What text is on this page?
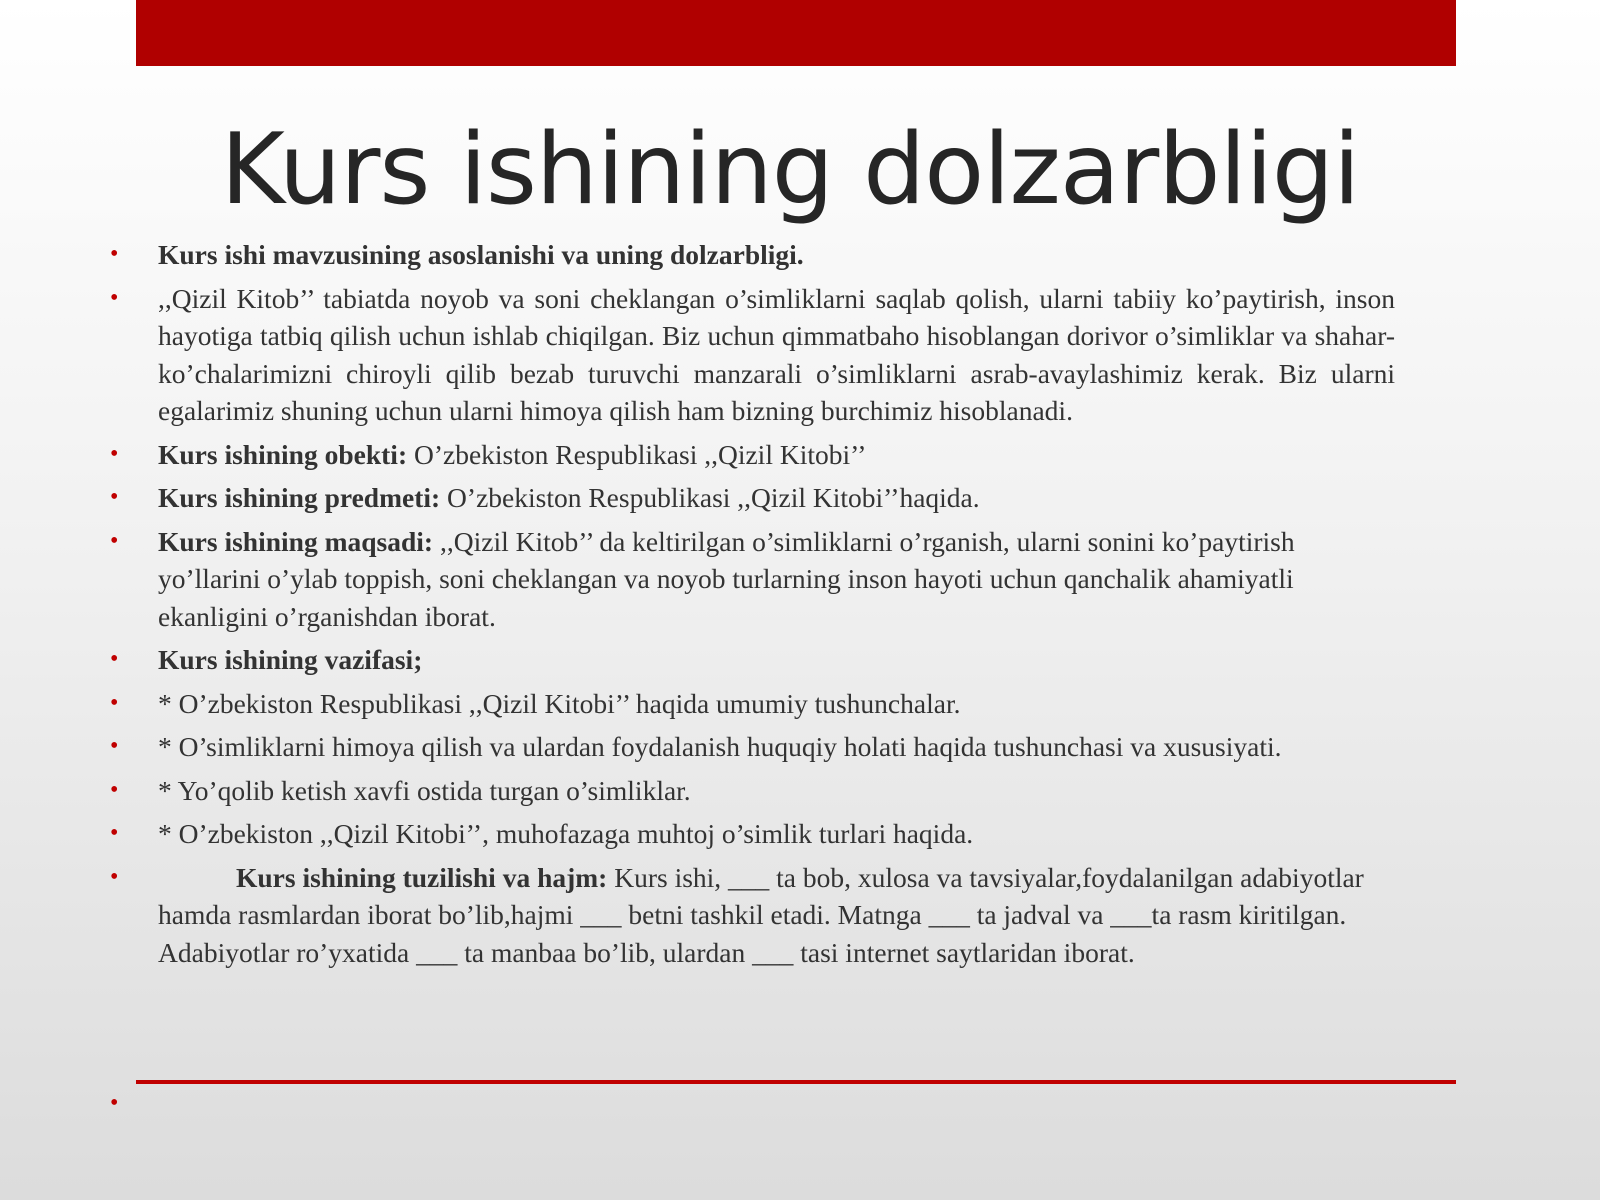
Kurs ishining dolzarbligi
• Kurs ishi mavzusining asoslanishi va uning dolzarbligi.
• ,,Qizil Kitob’’ tabiatda noyob va soni cheklangan o’simliklarni saqlab qolish, ularni tabiiy ko’paytirish, inson hayotiga tatbiq qilish uchun ishlab chiqilgan. Biz uchun qimmatbaho hisoblangan dorivor o’simliklar va shahar-ko’chalarimizni chiroyli qilib bezab turuvchi manzarali o’simliklarni asrab-avaylashimiz kerak. Biz ularni egalarimiz shuning uchun ularni himoya qilish ham bizning burchimiz hisoblanadi.
• Kurs ishining obekti: O’zbekiston Respublikasi ,,Qizil Kitobi’’
• Kurs ishining predmeti: O’zbekiston Respublikasi ,,Qizil Kitobi’’haqida.
• Kurs ishining maqsadi: ,,Qizil Kitob’’ da keltirilgan o’simliklarni o’rganish, ularni sonini ko’paytirish yo’llarini o’ylab toppish, soni cheklangan va noyob turlarning inson hayoti uchun qanchalik ahamiyatli ekanligini o’rganishdan iborat.
• Kurs ishining vazifasi;
• * O’zbekiston Respublikasi ,,Qizil Kitobi’’ haqida umumiy tushunchalar.
• * O’simliklarni himoya qilish va ulardan foydalanish huquqiy holati haqida tushunchasi va xususiyati.
• * Yo’qolib ketish xavfi ostida turgan o’simliklar.
• * O’zbekiston ,,Qizil Kitobi’’, muhofazaga muhtoj o’simlik turlari haqida.
• Kurs ishining tuzilishi va hajm: Kurs ishi, ___ ta bob, xulosa va tavsiyalar,foydalanilgan adabiyotlar hamda rasmlardan iborat bo’lib,hajmi ___ betni tashkil etadi. Matnga ___ ta jadval va ___ta rasm kiritilgan. Adabiyotlar ro’yxatida ___ ta manbaa bo’lib, ulardan ___ tasi internet saytlaridan iborat.
•
